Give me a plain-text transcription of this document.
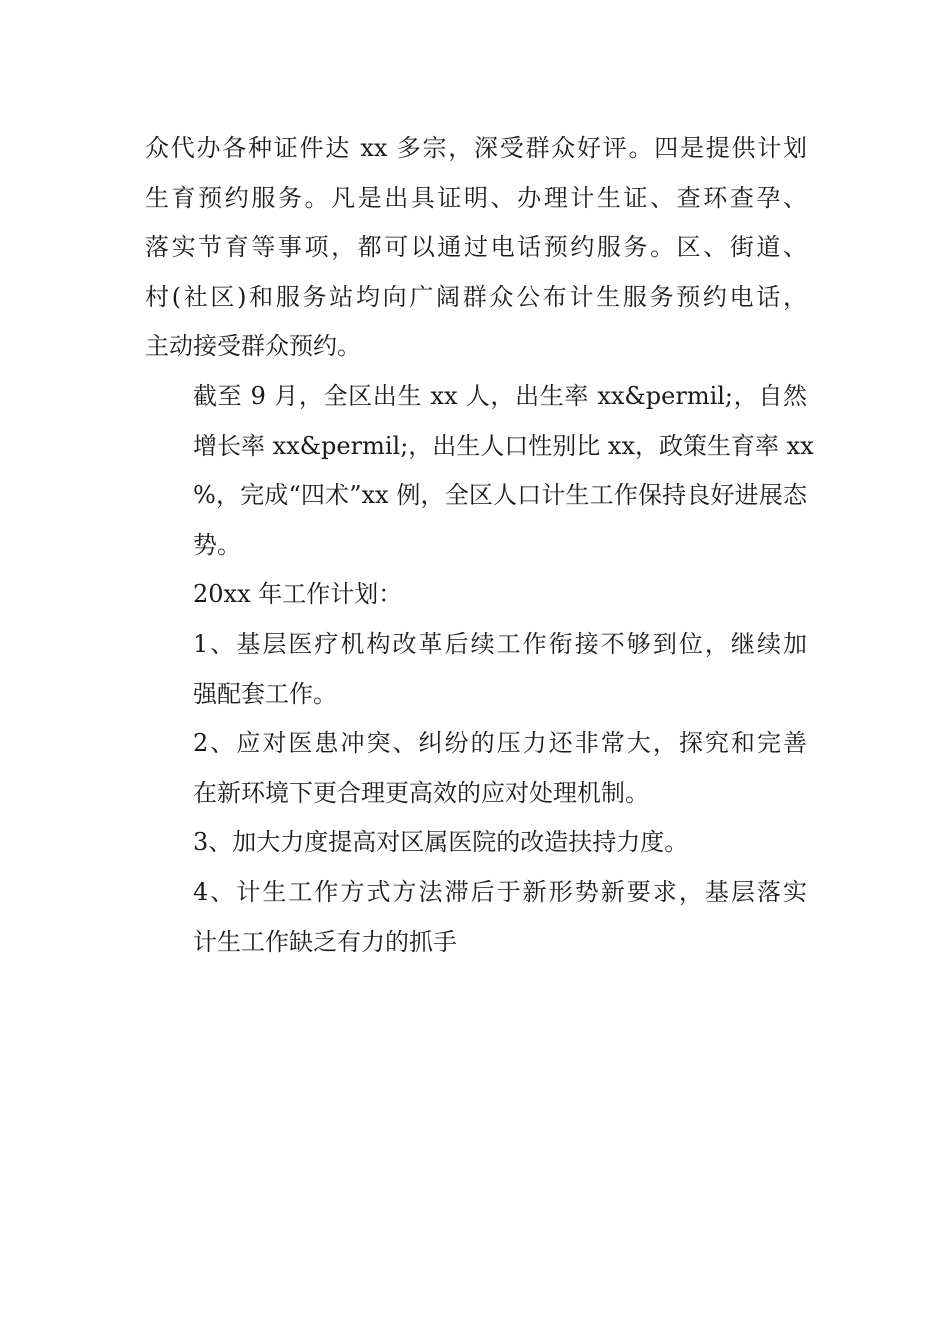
众代办各种证件达 xx 多宗，深受群众好评。四是提供计划
生育预约服务。凡是出具证明、办理计生证、查环查孕、
落实节育等事项，都可以通过电话预约服务。区、街道、
村(社区)和服务站均向广阔群众公布计生服务预约电话，
主动接受群众预约。

截至 9 月，全区出生 xx 人，出生率 xx&permil;，自然
增长率 xx&permil;，出生人口性别比 xx，政策生育率 xx
%，完成“四术”xx 例，全区人口计生工作保持良好进展态
势。

20xx 年工作计划：

1、基层医疗机构改革后续工作衔接不够到位，继续加
强配套工作。

2、应对医患冲突、纠纷的压力还非常大，探究和完善
在新环境下更合理更高效的应对处理机制。

3、加大力度提高对区属医院的改造扶持力度。

4、计生工作方式方法滞后于新形势新要求，基层落实
计生工作缺乏有力的抓手
